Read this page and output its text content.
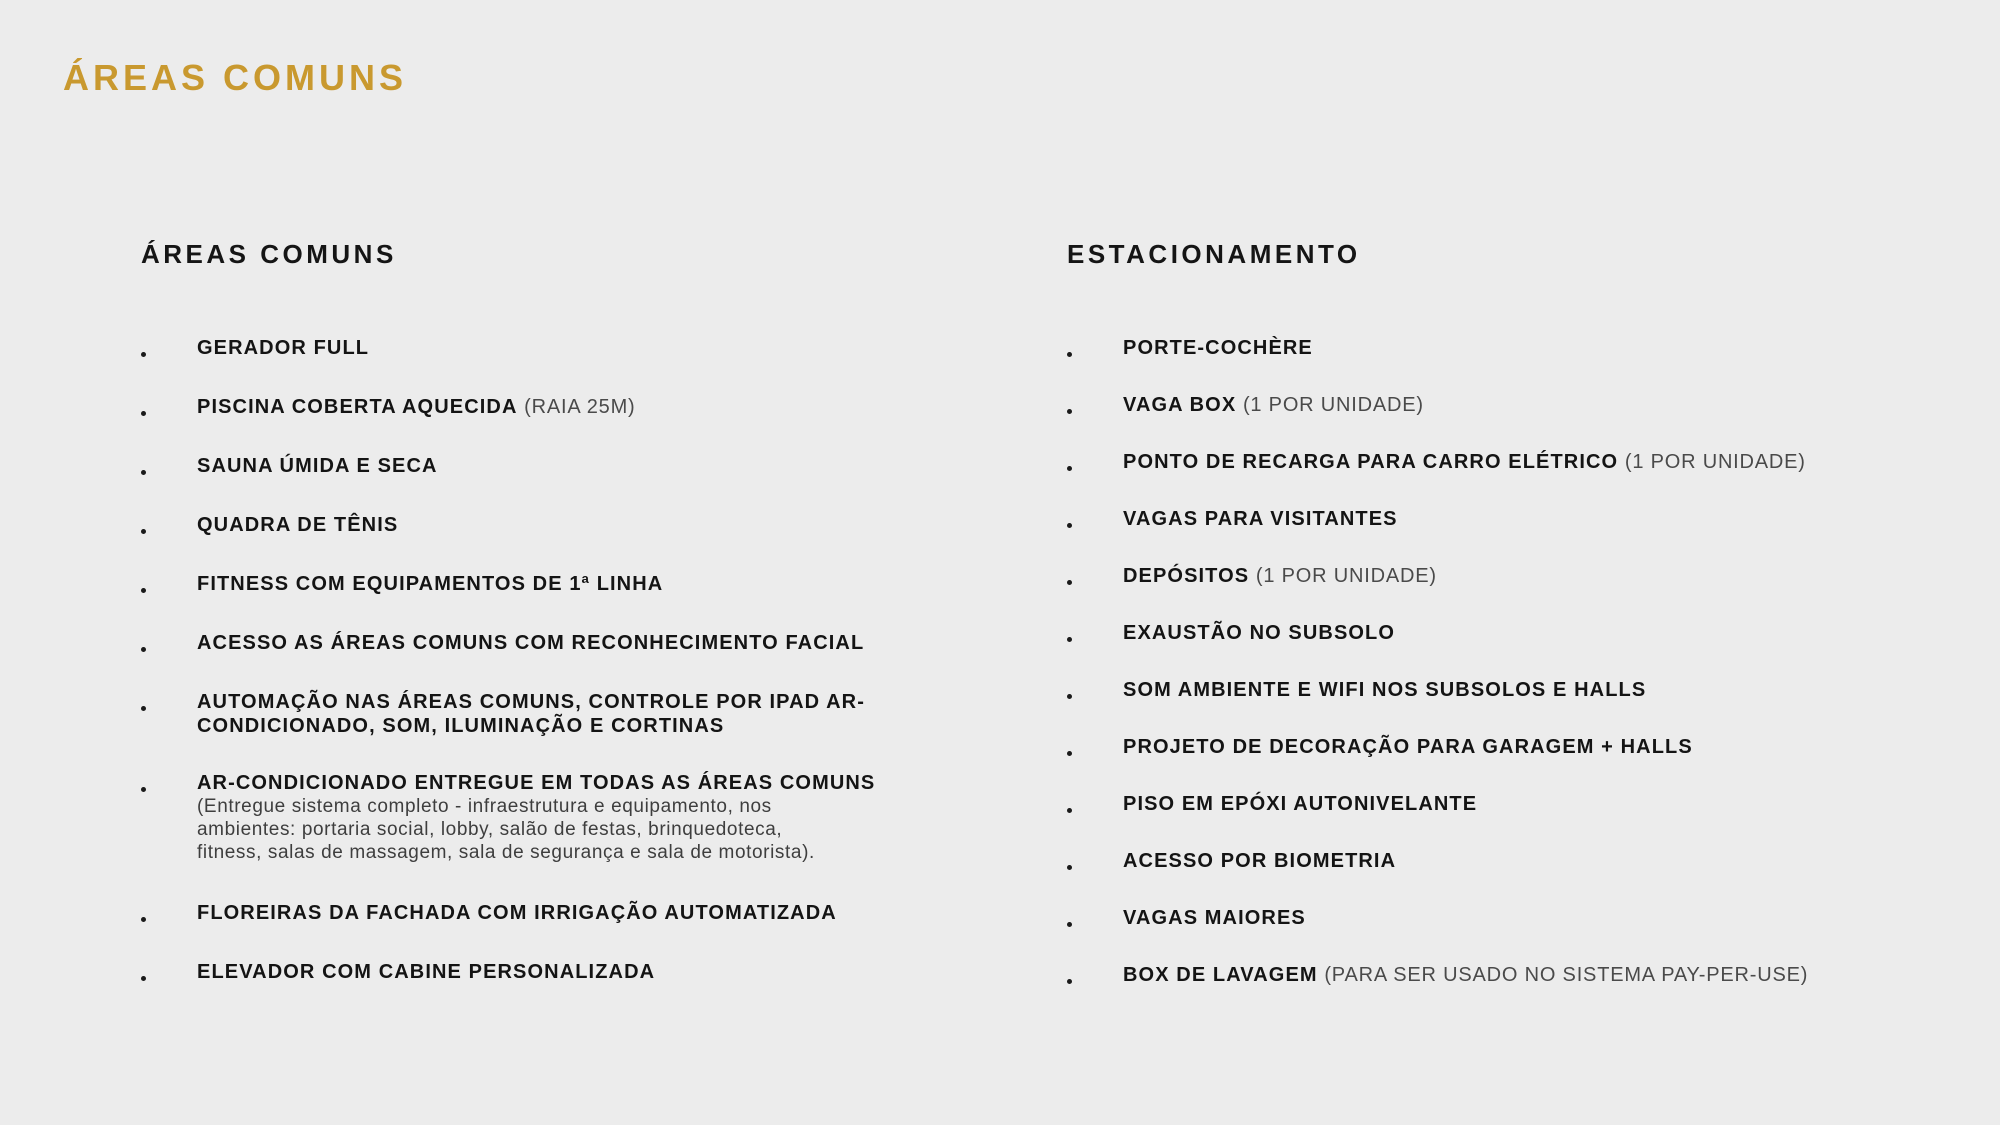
ÁREAS COMUNS
ÁREAS COMUNS
GERADOR FULL
PISCINA COBERTA AQUECIDA (RAIA 25M)
SAUNA ÚMIDA E SECA
QUADRA DE TÊNIS
FITNESS COM EQUIPAMENTOS DE 1ª LINHA
ACESSO AS ÁREAS COMUNS COM RECONHECIMENTO FACIAL
AUTOMAÇÃO NAS ÁREAS COMUNS, CONTROLE POR IPAD AR-CONDICIONADO, SOM, ILUMINAÇÃO E CORTINAS
AR-CONDICIONADO ENTREGUE EM TODAS AS ÁREAS COMUNS
(Entregue sistema completo - infraestrutura e equipamento, nos ambientes: portaria social, lobby, salão de festas, brinquedoteca, fitness, salas de massagem, sala de segurança e sala de motorista).
FLOREIRAS DA FACHADA COM IRRIGAÇÃO AUTOMATIZADA
ELEVADOR COM CABINE PERSONALIZADA
ESTACIONAMENTO
PORTE-COCHÈRE
VAGA BOX (1 POR UNIDADE)
PONTO DE RECARGA PARA CARRO ELÉTRICO (1 POR UNIDADE)
VAGAS PARA VISITANTES
DEPÓSITOS (1 POR UNIDADE)
EXAUSTÃO NO SUBSOLO
SOM AMBIENTE E WIFI NOS SUBSOLOS E HALLS
PROJETO DE DECORAÇÃO PARA GARAGEM + HALLS
PISO EM EPÓXI AUTONIVELANTE
ACESSO POR BIOMETRIA
VAGAS MAIORES
BOX DE LAVAGEM (PARA SER USADO NO SISTEMA PAY-PER-USE)
